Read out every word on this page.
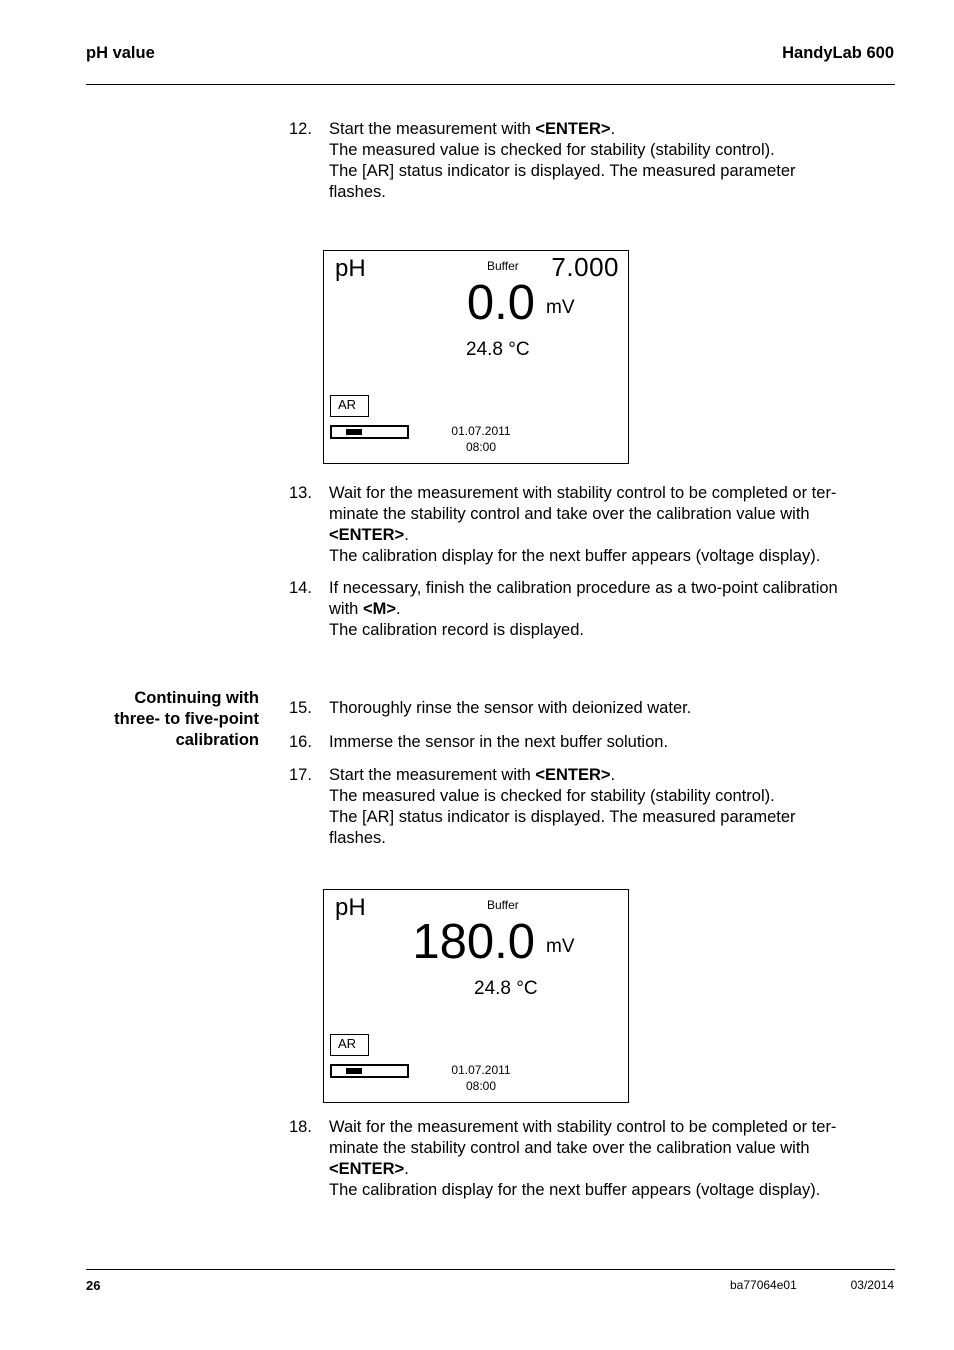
pH value	HandyLab 600
12. Start the measurement with <ENTER>.
The measured value is checked for stability (stability control).
The [AR] status indicator is displayed. The measured parameter
flashes.
pH	Buffer 7.000
0.0 mV
24.8 °C
AR
01.07.2011
08:00
13. Wait for the measurement with stability control to be completed or ter-
minate the stability control and take over the calibration value with
<ENTER>.
The calibration display for the next buffer appears (voltage display).
14. If necessary, finish the calibration procedure as a two-point calibration
with <M>.
The calibration record is displayed.
Continuing with
three- to five-point
calibration
15. Thoroughly rinse the sensor with deionized water.
16. Immerse the sensor in the next buffer solution.
17. Start the measurement with <ENTER>.
The measured value is checked for stability (stability control).
The [AR] status indicator is displayed. The measured parameter
flashes.
pH	Buffer
180.0 mV
24.8 °C
AR
01.07.2011
08:00
18. Wait for the measurement with stability control to be completed or ter-
minate the stability control and take over the calibration value with
<ENTER>.
The calibration display for the next buffer appears (voltage display).
26	ba77064e01	03/2014
